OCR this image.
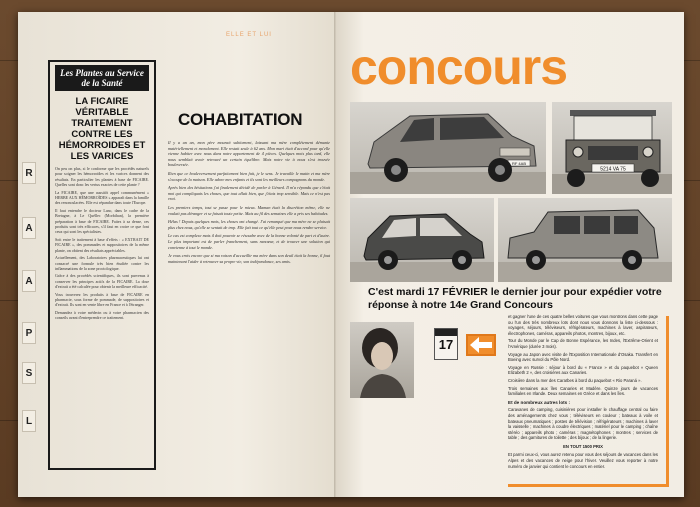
R
A
A
P
S
L
Les Plantes au Service de la Santé
LA FICAIRE VÉRITABLE TRAITEMENT CONTRE LES HÉMORROIDES ET LES VARICES

On peu on plus, si le conforme que les procédés naturels pour soigner les hémorroïdes et les varices donnent des résultats. En particulier les plantes à base de FICAIRE. Quelles sont donc les vertus exactes de cette plante ?

La FICAIRE, que une aussitôt appel communément « HERBE AUX HÉMORROÏDES » apparaît dans la famille des renonculacées. Elle est répandue dans toute l'Europe.

Il faut entendre le docteur Lanc, dans le cadre de la Bretagne, à Le Quéllec (Morbihan), la première préparation à base de FICAIRE. Faites à sa dense, ces produits sont très efficaces, s'il faut en croire ce que font ceux qui sont les spécialistes.

Soit entre le traitement à base d'effets : « EXTRAIT DE FICAIRE », des pommades et suppositoires de la même plante, on obtient des résultats appréciables.

Actuellement, des Laboratoires pharmaceutiques lui ont consacré une formule très bien étudiée contre les inflammations de la zone proctologique.

Grâce à des procédés scientifiques, ils sont parvenus à conserver les principes actifs de la FICAIRE. La dose d'extrait a été calculée pour obtenir la meilleure efficacité.

Vous trouverez les produits à base de FICAIRE en pharmacie, sous forme de pommade, de suppositoires et d'extrait. Ils sont en vente libre en France et à l'étranger.

Demandez à votre médecin ou à votre pharmacien des conseils avant d'entreprendre ce traitement.

ELLE ET LUI
COHABITATION

Il y a un an, mon père mourait subitement, laissant ma mère complètement démunie matériellement et moralement. Elle restait seule à 62 ans. Mon mari était d'accord pour qu'elle vienne habiter avec nous dans notre appartement de 4 pièces. Quelques mois plus tard, elle nous semblait avoir retrouvé un certain équilibre. Mais notre vie à nous s'est trouvée bouleversée.

Rien que ce bouleversement parfaitement bien fait, je le sens. Je travaille le matin et ma mère s'occupe de la maison. Elle adore mes enfants et ils sont les meilleurs compagnons du monde.

Après bien des hésitations j'ai finalement décidé de parler à Gérard. Il m'a répondu que c'était moi qui compliquais les choses, que tout allait bien, que j'étais trop sensible. Mais ce n'est pas vrai.

Les premiers temps, tout se passe pour le mieux. Maman était la discrétion même, elle ne voulait pas déranger et se faisait toute petite. Mais au fil des semaines elle a pris ses habitudes.

Hélas ! Depuis quelques mois, les choses ont changé. J'ai remarqué que ma mère ne se plaisait plus chez nous, qu'elle se sentait de trop. Elle fait tout ce qu'elle peut pour nous rendre service.

Le cas est complexe mais il doit pouvoir se résoudre avec de la bonne volonté de part et d'autre. Le plus important est de parler franchement, sans rancœur, et de trouver une solution qui convienne à tout le monde.

Je vous crois encore que si ma raison d'accueillir ma mère dans son deuil était la bonne, il faut maintenant l'aider à retrouver sa propre vie, son indépendance, ses amis.

concours
RF 4AB
5214 VA 75
C'est mardi 17 FÉVRIER le dernier jour pour expédier votre réponse à notre 14e Grand Concours
17

et gagner l'une de ces quatre belles voitures que vous montrons dans cette page ou l'un des très nombreux lots dont nous vous donnons la liste ci-dessous : voyages, séjours, téléviseurs, réfrigérateurs, machines à laver, aspirateurs, électrophones, caméras, appareils photos, montres, bijoux, etc.

Tour du Monde par le Cap de Bonne Espérance, les Indes, l'Extrême-Orient et l'Amérique (durée 3 mois).

Voyage au Japon avec visite de l'Exposition Internationale d'Osaka. Transfert en Boeing avec survol du Pôle Nord.

Voyage en Russie : séjour à bord du « France » et du paquebot « Queen Elizabeth 2 », des croisières aux Canaries.

Croisière dans la mer des Caraïbes à bord du paquebot « Rio Paraná ».

Trois semaines aux îles Canaries et Madère. Quinze jours de vacances familiales en Irlande. Deux semaines en Grèce et dans les îles.

Et de nombreux autres lots :

Caravanes de camping, cuisinières pour installer le chauffage central ou faire des aménagements chez vous ; téléviseurs en couleur ; bateaux à voile et bateaux pneumatiques ; postes de télévision ; réfrigérateurs ; machines à laver la vaisselle ; machines à coudre électriques ; matériel pour le camping ; chaîne stéréo ; appareils photo ; caméras ; magnétophones ; montres ; services de table ; des garnitures de toilette ; des bijoux ; de la lingerie.

EN TOUT 1500 PRIX

Et parmi ceux-ci, vous aurez retenu pour vous des séjours de vacances dans les Alpes et des vacances de neige pour l'hiver. Veuillez vous reporter à notre numéro de janvier qui contient le concours en entier.
